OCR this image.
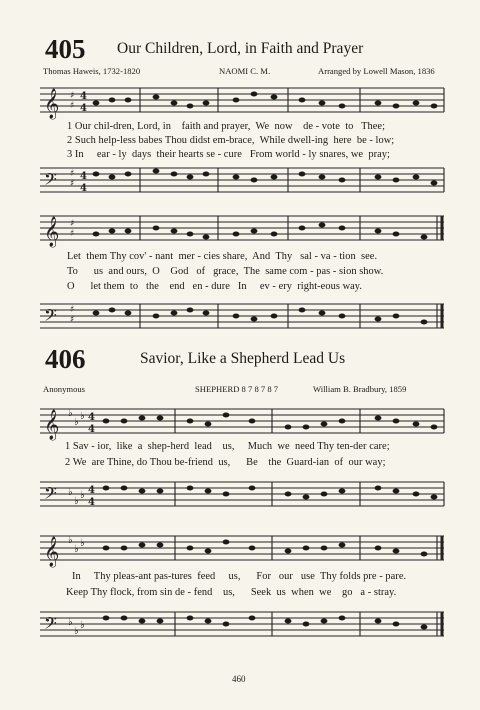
405 Our Children, Lord, in Faith and Prayer
Thomas Haweis, 1732-1820	NAOMI C. M.	Arranged by Lowell Mason, 1836
𝄞 ♯
♯
4
4
1 Our chil-dren, Lord, in    faith and prayer,  We  now    de - vote  to   Thee;
2 Such help-less babes Thou didst em-brace,  While dwell-ing  here  be - low;
3 In     ear - ly  days  their hearts se - cure   From world - ly snares, we  pray;
𝄢 ♯
♯
4
4
𝄞 ♯
♯
Let  them Thy cov' - nant  mer - cies share,  And  Thy   sal - va - tion  see.
To      us  and ours,  O    God   of   grace,  The  same com - pas - sion show.
O      let them  to   the    end   en - dure   In     ev - ery  right-eous way.
𝄢 ♯
♯
406	Savior, Like a Shepherd Lead Us
Anonymous	SHEPHERD 8 7 8 7 8 7	William B. Bradbury, 1859
𝄞 ♭
♭
♭ 4
4
1 Sav - ior,  like  a  shep-herd  lead    us,     Much  we  need Thy ten-der care;
2 We  are Thine, do Thou be-friend  us,      Be    the  Guard-ian  of  our way;
𝄢 ♭
♭
♭ 4
4
𝄞 ♭
♭
♭
In     Thy pleas-ant pas-tures  feed     us,      For   our   use  Thy folds pre - pare.
Keep Thy flock, from sin de - fend    us,      Seek  us  when  we    go   a - stray.
𝄢 ♭
♭
♭
460
